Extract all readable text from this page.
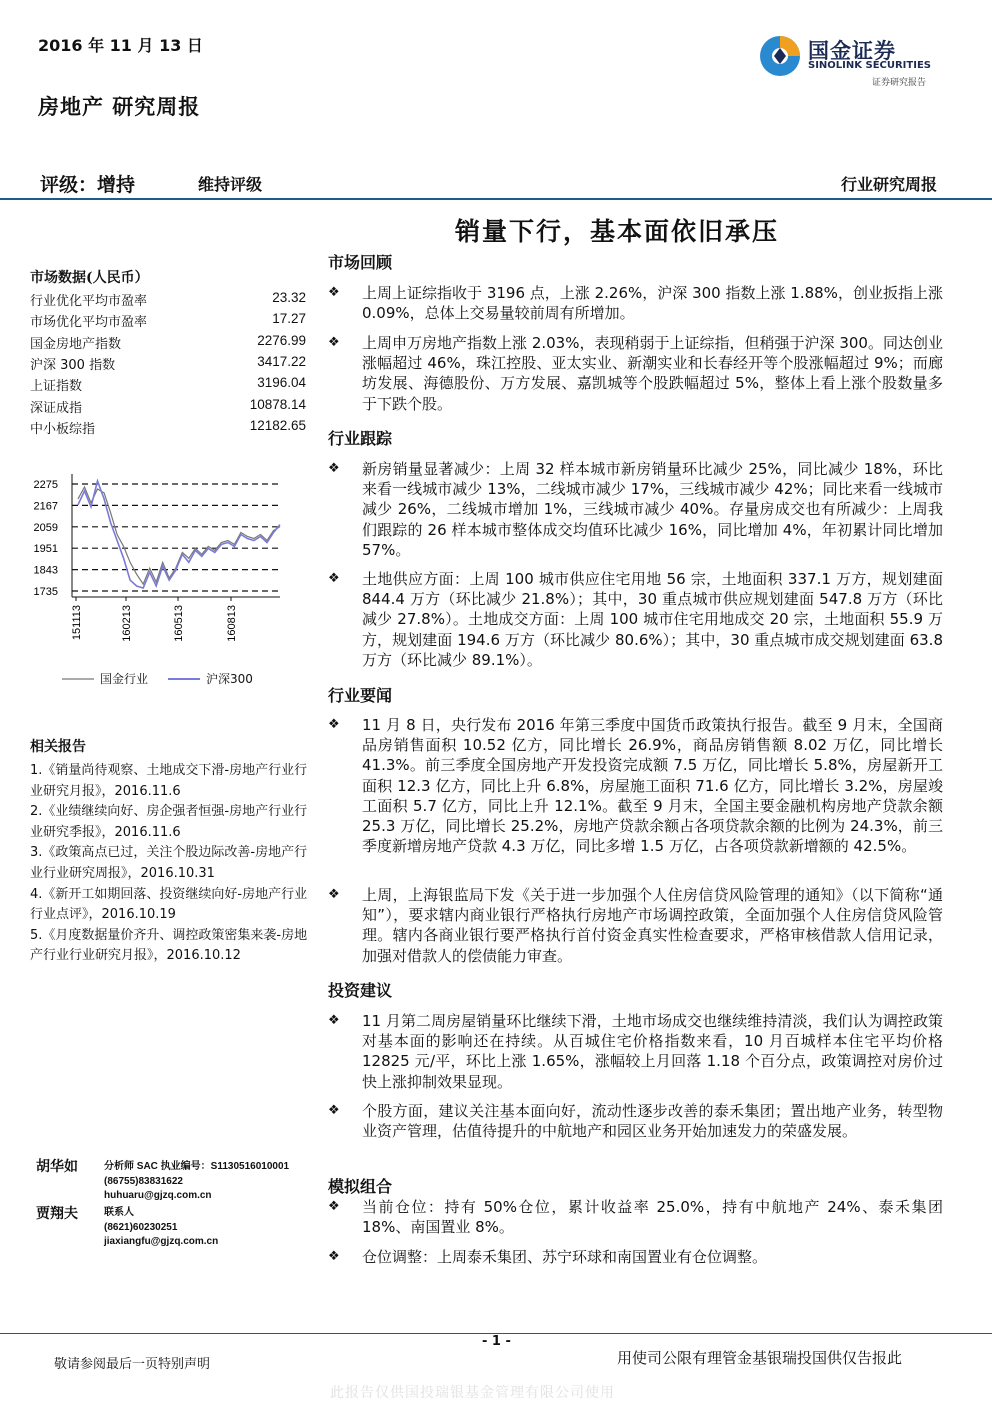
2016 年 11 月 13 日
房地产 研究周报
国金证券
SINOLINK SECURITIES
证券研究报告
评级：增持	维持评级	行业研究周报
销量下行，基本面依旧承压
市场数据(人民币）
行业优化平均市盈率	23.32
市场优化平均市盈率	17.27
国金房地产指数	2276.99
沪深 300 指数	3417.22
上证指数	3196.04
深证成指	10878.14
中小板综指	12182.65
2275
2167
2059
1951
1843
1735
151113	160213	160513	160813
国金行业	沪深300
相关报告

1.《销量尚待观察、土地成交下滑-房地产行业行业研究月报》，2016.11.6

2.《业绩继续向好、房企强者恒强-房地产行业行业研究季报》，2016.11.6

3.《政策高点已过，关注个股边际改善-房地产行业行业研究周报》，2016.10.31

4.《新开工如期回落、投资继续向好-房地产行业行业点评》，2016.10.19

5.《月度数据量价齐升、调控政策密集来袭-房地产行业行业研究月报》，2016.10.12

胡华如	分析师 SAC 执业编号：S1130516010001
(86755)83831622
huhuaru@gjzq.com.cn
贾翔夫	联系人
(8621)60230251
jiaxiangfu@gjzq.com.cn
市场回顾
❖ 上周上证综指收于 3196 点，上涨 2.26%，沪深 300 指数上涨 1.88%，创业扳指上涨 0.09%，总体上交易量较前周有所增加。
❖ 上周申万房地产指数上涨 2.03%，表现稍弱于上证综指，但稍强于沪深 300。同达创业涨幅超过 46%，珠江控股、亚太实业、新潮实业和长春经开等个股涨幅超过 9%；而廊坊发展、海德股份、万方发展、嘉凯城等个股跌幅超过 5%，整体上看上涨个股数量多于下跌个股。
行业跟踪
❖ 新房销量显著减少：上周 32 样本城市新房销量环比减少 25%，同比减少 18%，环比来看一线城市减少 13%，二线城市减少 17%，三线城市减少 42%；同比来看一线城市减少 26%，二线城市增加 1%，三线城市减少 40%。存量房成交也有所减少：上周我们跟踪的 26 样本城市整体成交均值环比减少 16%，同比增加 4%，年初累计同比增加 57%。
❖ 土地供应方面：上周 100 城市供应住宅用地 56 宗，土地面积 337.1 万方，规划建面 844.4 万方（环比减少 21.8%）；其中，30 重点城市供应规划建面 547.8 万方（环比减少 27.8%）。土地成交方面：上周 100 城市住宅用地成交 20 宗，土地面积 55.9 万方，规划建面 194.6 万方（环比减少 80.6%）；其中，30 重点城市成交规划建面 63.8 万方（环比减少 89.1%）。
行业要闻
❖ 11 月 8 日，央行发布 2016 年第三季度中国货币政策执行报告。截至 9 月末，全国商品房销售面积 10.52 亿方，同比增长 26.9%，商品房销售额 8.02 万亿，同比增长 41.3%。前三季度全国房地产开发投资完成额 7.5 万亿，同比增长 5.8%，房屋新开工面积 12.3 亿方，同比上升 6.8%，房屋施工面积 71.6 亿方，同比增长 3.2%，房屋竣工面积 5.7 亿方，同比上升 12.1%。截至 9 月末，全国主要金融机构房地产贷款余额 25.3 万亿，同比增长 25.2%，房地产贷款余额占各项贷款余额的比例为 24.3%，前三季度新增房地产贷款 4.3 万亿，同比多增 1.5 万亿，占各项贷款新增额的 42.5%。
❖ 上周，上海银监局下发《关于进一步加强个人住房信贷风险管理的通知》（以下简称“通知”），要求辖内商业银行严格执行房地产市场调控政策，全面加强个人住房信贷风险管理。辖内各商业银行要严格执行首付资金真实性检查要求，严格审核借款人信用记录，加强对借款人的偿债能力审查。
投资建议
❖ 11 月第二周房屋销量环比继续下滑，土地市场成交也继续维持清淡，我们认为调控政策对基本面的影响还在持续。从百城住宅价格指数来看，10 月百城样本住宅平均价格 12825 元/平，环比上涨 1.65%，涨幅较上月回落 1.18 个百分点，政策调控对房价过快上涨抑制效果显现。
❖ 个股方面，建议关注基本面向好，流动性逐步改善的泰禾集团；置出地产业务，转型物业资产管理，估值待提升的中航地产和园区业务开始加速发力的荣盛发展。
模拟组合
❖ 当前仓位：持有 50%仓位，累计收益率 25.0%，持有中航地产 24%、泰禾集团 18%、南国置业 8%。
❖ 仓位调整：上周泰禾集团、苏宁环球和南国置业有仓位调整。
- 1 -
敬请参阅最后一页特别声明	用使司公限有理管金基银瑞投国供仅告报此
此报告仅供国投瑞银基金管理有限公司使用
